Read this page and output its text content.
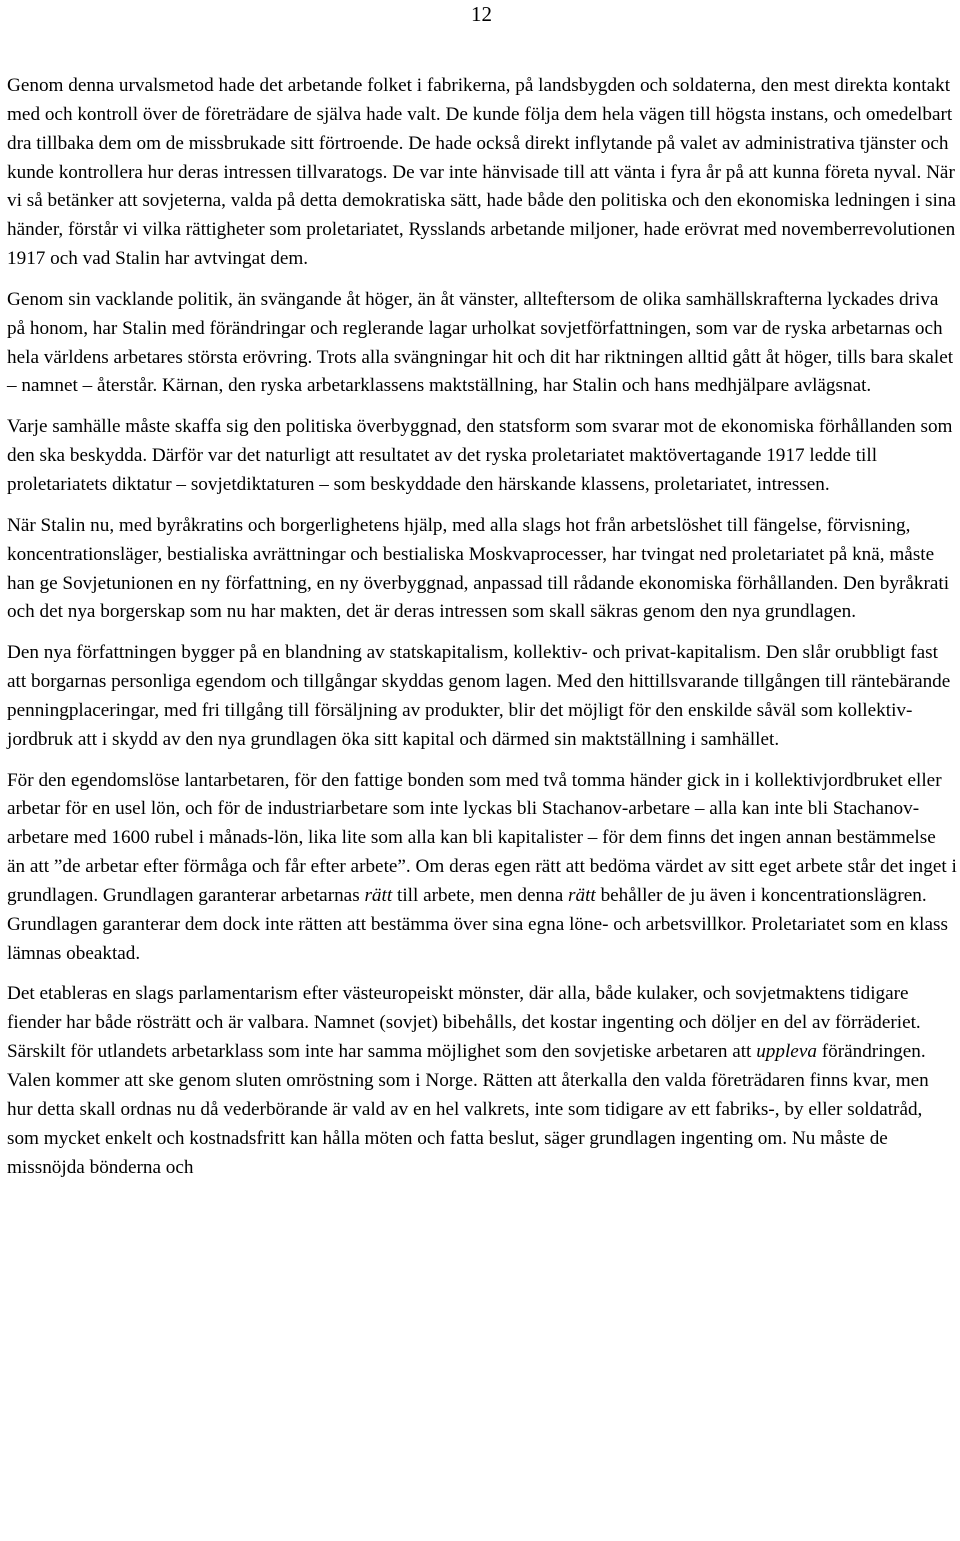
12

Genom denna urvalsmetod hade det arbetande folket i fabrikerna, på landsbygden och soldaterna, den mest direkta kontakt med och kontroll över de företrädare de själva hade valt. De kunde följa dem hela vägen till högsta instans, och omedelbart dra tillbaka dem om de missbrukade sitt förtroende. De hade också direkt inflytande på valet av administrativa tjänster och kunde kontrollera hur deras intressen tillvaratogs. De var inte hänvisade till att vänta i fyra år på att kunna företa nyval. När vi så betänker att sovjeterna, valda på detta demokratiska sätt, hade både den politiska och den ekonomiska ledningen i sina händer, förstår vi vilka rättigheter som proletariatet, Rysslands arbetande miljoner, hade erövrat med novemberrevolutionen 1917 och vad Stalin har avtvingat dem.

Genom sin vacklande politik, än svängande åt höger, än åt vänster, allteftersom de olika samhällskrafterna lyckades driva på honom, har Stalin med förändringar och reglerande lagar urholkat sovjetförfattningen, som var de ryska arbetarnas och hela världens arbetares största erövring. Trots alla svängningar hit och dit har riktningen alltid gått åt höger, tills bara skalet – namnet – återstår. Kärnan, den ryska arbetarklassens maktställning, har Stalin och hans medhjälpare avlägsnat.

Varje samhälle måste skaffa sig den politiska överbyggnad, den statsform som svarar mot de ekonomiska förhållanden som den ska beskydda. Därför var det naturligt att resultatet av det ryska proletariatet maktövertagande 1917 ledde till proletariatets diktatur – sovjetdiktaturen – som beskyddade den härskande klassens, proletariatet, intressen.

När Stalin nu, med byråkratins och borgerlighetens hjälp, med alla slags hot från arbetslöshet till fängelse, förvisning, koncentrationsläger, bestialiska avrättningar och bestialiska Moskvaprocesser, har tvingat ned proletariatet på knä, måste han ge Sovjetunionen en ny författning, en ny överbyggnad, anpassad till rådande ekonomiska förhållanden. Den byråkrati och det nya borgerskap som nu har makten, det är deras intressen som skall säkras genom den nya grundlagen.

Den nya författningen bygger på en blandning av statskapitalism, kollektiv- och privat-kapitalism. Den slår orubbligt fast att borgarnas personliga egendom och tillgångar skyddas genom lagen. Med den hittillsvarande tillgången till räntebärande penningplaceringar, med fri tillgång till försäljning av produkter, blir det möjligt för den enskilde såväl som kollektiv-jordbruk att i skydd av den nya grundlagen öka sitt kapital och därmed sin maktställning i samhället.

För den egendomslöse lantarbetaren, för den fattige bonden som med två tomma händer gick in i kollektivjordbruket eller arbetar för en usel lön, och för de industriarbetare som inte lyckas bli Stachanov-arbetare – alla kan inte bli Stachanov-arbetare med 1600 rubel i månads-lön, lika lite som alla kan bli kapitalister – för dem finns det ingen annan bestämmelse än att ”de arbetar efter förmåga och får efter arbete”. Om deras egen rätt att bedöma värdet av sitt eget arbete står det inget i grundlagen. Grundlagen garanterar arbetarnas rätt till arbete, men denna rätt behåller de ju även i koncentrationslägren. Grundlagen garanterar dem dock inte rätten att bestämma över sina egna löne- och arbetsvillkor. Proletariatet som en klass lämnas obeaktad.

Det etableras en slags parlamentarism efter västeuropeiskt mönster, där alla, både kulaker, och sovjetmaktens tidigare fiender har både rösträtt och är valbara. Namnet (sovjet) bibehålls, det kostar ingenting och döljer en del av förräderiet. Särskilt för utlandets arbetarklass som inte har samma möjlighet som den sovjetiske arbetaren att uppleva förändringen. Valen kommer att ske genom sluten omröstning som i Norge. Rätten att återkalla den valda företrädaren finns kvar, men hur detta skall ordnas nu då vederbörande är vald av en hel valkrets, inte som tidigare av ett fabriks-, by eller soldatråd, som mycket enkelt och kostnadsfritt kan hålla möten och fatta beslut, säger grundlagen ingenting om. Nu måste de missnöjda bönderna och
